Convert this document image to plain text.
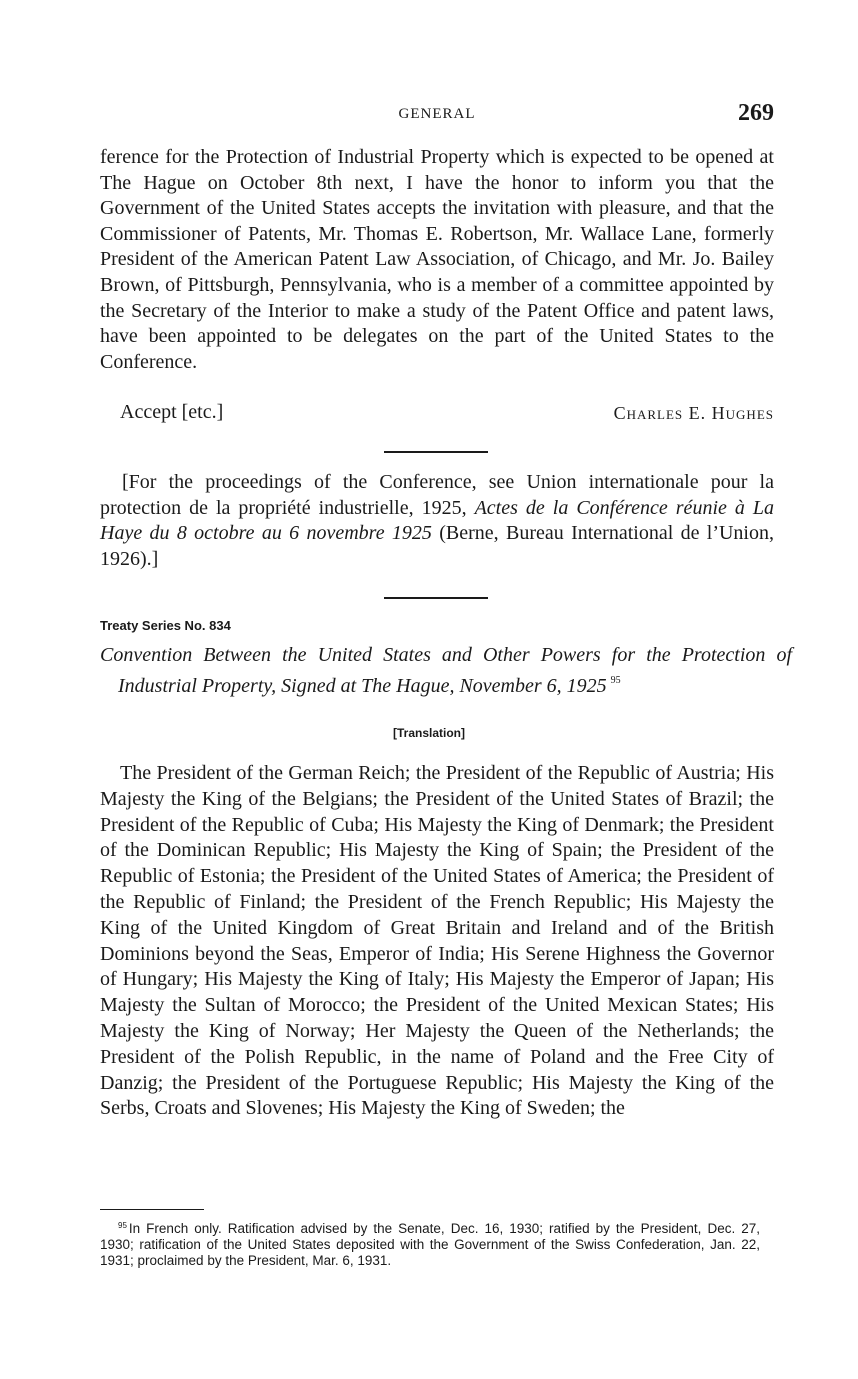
GENERAL	269

ference for the Protection of Industrial Property which is expected to be opened at The Hague on October 8th next, I have the honor to inform you that the Government of the United States accepts the invitation with pleasure, and that the Commissioner of Patents, Mr. Thomas E. Robertson, Mr. Wallace Lane, formerly President of the American Patent Law Association, of Chicago, and Mr. Jo. Bailey Brown, of Pittsburgh, Pennsylvania, who is a member of a committee appointed by the Secretary of the Interior to make a study of the Patent Office and patent laws, have been appointed to be delegates on the part of the United States to the Conference.

Accept [etc.]	Charles E. Hughes

[For the proceedings of the Conference, see Union internationale pour la protection de la propriété industrielle, 1925, Actes de la Conférence réunie à La Haye du 8 octobre au 6 novembre 1925 (Berne, Bureau International de l’Union, 1926).]

Treaty Series No. 834

Convention Between the United States and Other Powers for the Protection of Industrial Property, Signed at The Hague, November 6, 1925 $^{95}$

[Translation]

The President of the German Reich; the President of the Republic of Austria; His Majesty the King of the Belgians; the President of the United States of Brazil; the President of the Republic of Cuba; His Majesty the King of Denmark; the President of the Dominican Republic; His Majesty the King of Spain; the President of the Republic of Estonia; the President of the United States of America; the President of the Republic of Finland; the President of the French Republic; His Majesty the King of the United Kingdom of Great Britain and Ireland and of the British Dominions beyond the Seas, Emperor of India; His Serene Highness the Governor of Hungary; His Majesty the King of Italy; His Majesty the Emperor of Japan; His Majesty the Sultan of Morocco; the President of the United Mexican States; His Majesty the King of Norway; Her Majesty the Queen of the Netherlands; the President of the Polish Republic, in the name of Poland and the Free City of Danzig; the President of the Portuguese Republic; His Majesty the King of the Serbs, Croats and Slovenes; His Majesty the King of Sweden; the

$^{95}$ In French only. Ratification advised by the Senate, Dec. 16, 1930; ratified by the President, Dec. 27, 1930; ratification of the United States deposited with the Government of the Swiss Confederation, Jan. 22, 1931; proclaimed by the President, Mar. 6, 1931.
